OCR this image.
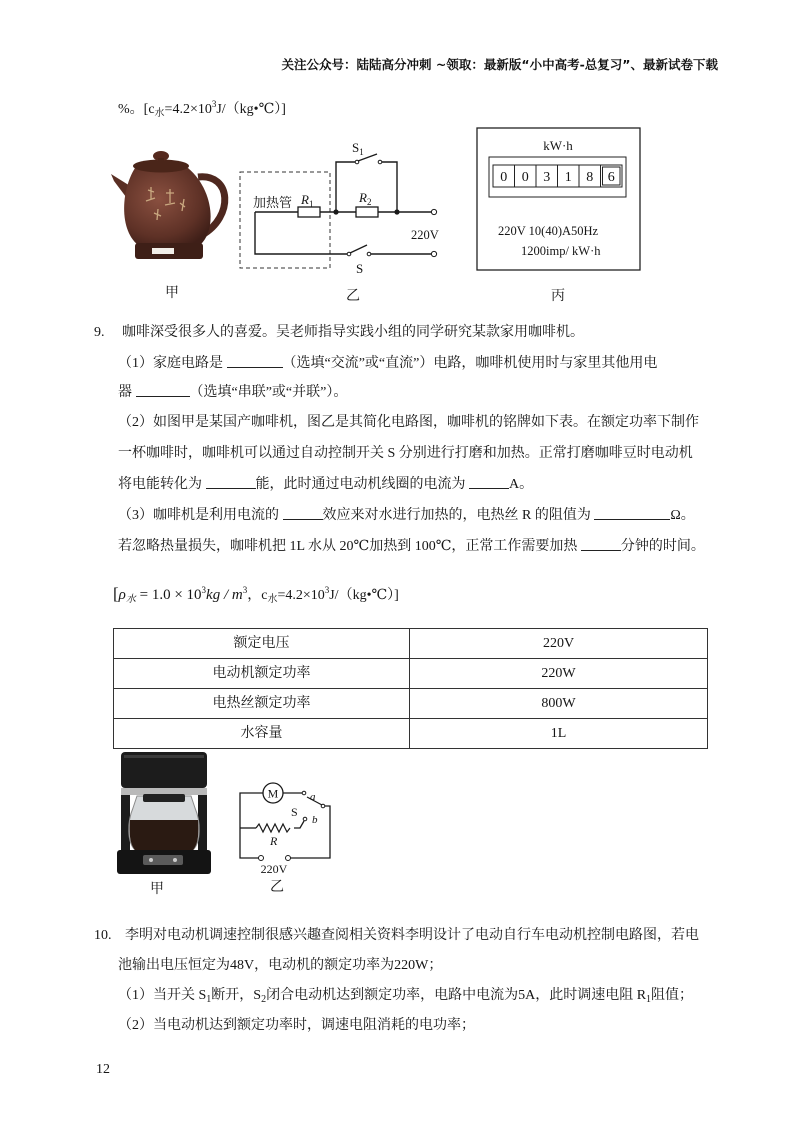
关注公众号：陆陆高分冲刺 ~领取：最新版“小中高考-总复习”、最新试卷下载
%。$[c_水=4.2\times 10^3J/(kg•℃)]$
甲
加热管 $R_1$	$R_2$
$S_1$
S
220V
乙
kW·h
0 0 3 1 8 6
220V 10(40)A50Hz
1200imp/ kW·h
丙
9. 咖啡深受很多人的喜爱。吴老师指导实践小组的同学研究某款家用咖啡机。
（1）家庭电路是	（选填“交流”或“直流”）电路，咖啡机使用时与家里其他用电
器	（选填“串联”或“并联”）。
（2）如图甲是某国产咖啡机，图乙是其简化电路图，咖啡机的铭牌如下表。在额定功率下制作
一杯咖啡时，咖啡机可以通过自动控制开关 S 分别进行打磨和加热。正常打磨咖啡豆时电动机
将电能转化为	能，此时通过电动机线圈的电流为	A。
（3）咖啡机是利用电流的	效应来对水进行加热的，电热丝 R 的阻值为	Ω。
若忽略热量损失，咖啡机把 1L 水从 20℃加热到 100℃，正常工作需要加热	分钟的时间。
[$\rho_水 = 1.0 \times 10^3kg / m^3$，$c_水=4.2\times 10^3J/(kg•℃)$]
额定电压	220V
电动机额定功率	220W
电热丝额定功率	800W
水容量	1L
甲
M	a
S
b
R
220V
乙
10. 李明对电动机调速控制很感兴趣查阅相关资料李明设计了电动自行车电动机控制电路图，若电
池输出电压恒定为48V，电动机的额定功率为220W；
（1）当开关 $S_1$断开，$S_2$闭合电动机达到额定功率，电路中电流为5A，此时调速电阻 $R_1$阻值；
（2）当电动机达到额定功率时，调速电阻消耗的电功率；
12
